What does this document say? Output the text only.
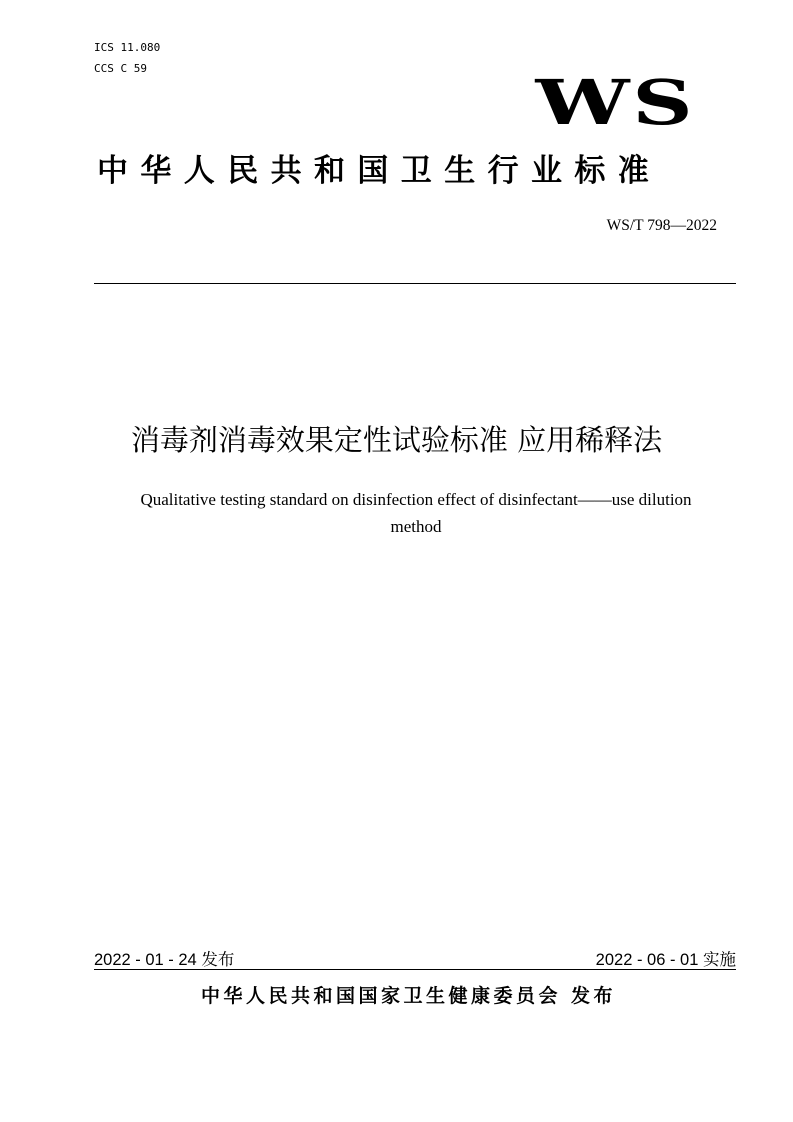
ICS 11.080
CCS C 59	WS
中华人民共和国卫生行业标准
WS/T 798—2022
消毒剂消毒效果定性试验标准 应用稀释法
Qualitative testing standard on disinfection effect of disinfectant——use dilution
method
2022 - 01 - 24 发布	2022 - 06 - 01 实施
中华人民共和国国家卫生健康委员会 发布
